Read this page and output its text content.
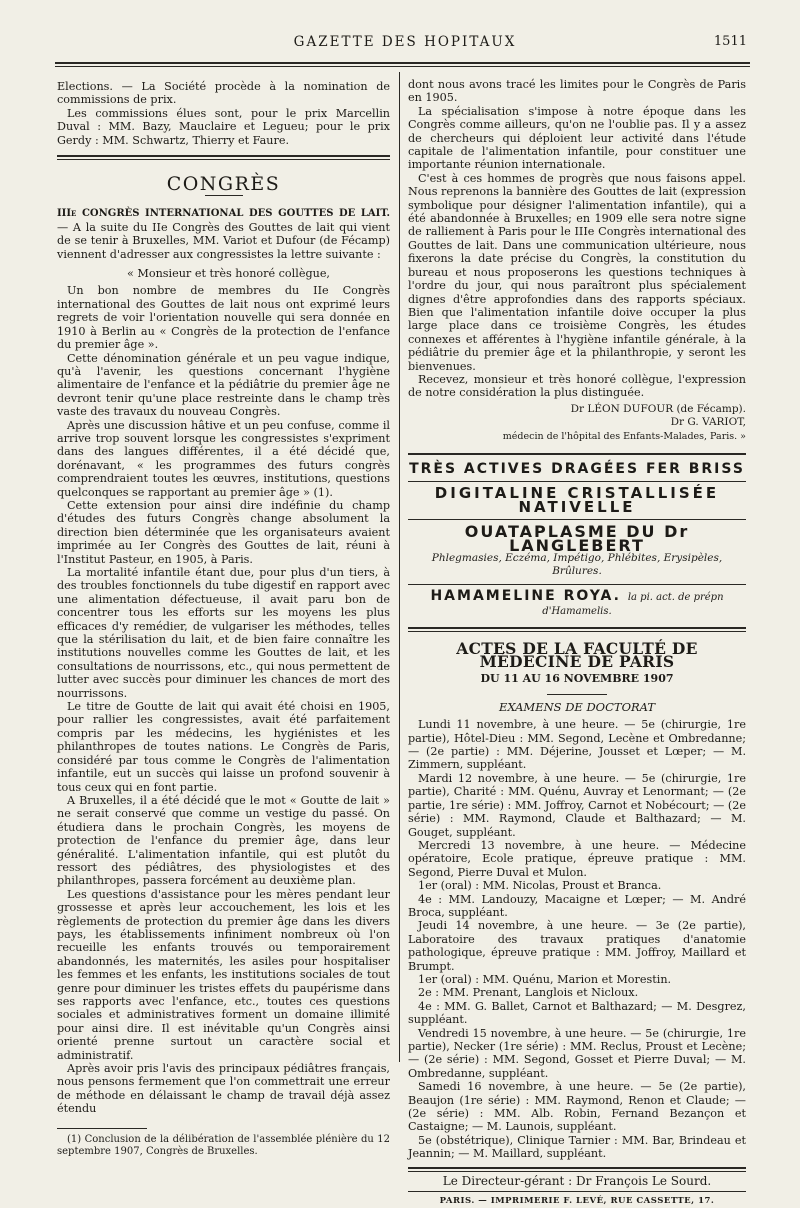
GAZETTE DES HOPITAUX	1511

Elections. — La Société procède à la nomination de commissions de prix.

Les commissions élues sont, pour le prix Marcellin Duval : MM. Bazy, Mauclaire et Legueu; pour le prix Gerdy : MM. Schwartz, Thierry et Faure.

CONGRÈS

IIIe CONGRÈS INTERNATIONAL DES GOUTTES DE LAIT. — A la suite du IIe Congrès des Gouttes de lait qui vient de se tenir à Bruxelles, MM. Variot et Dufour (de Fécamp) viennent d'adresser aux congressistes la lettre suivante :

« Monsieur et très honoré collègue,

Un bon nombre de membres du IIe Congrès international des Gouttes de lait nous ont exprimé leurs regrets de voir l'orientation nouvelle qui sera donnée en 1910 à Berlin au « Congrès de la protection de l'enfance du premier âge ».

Cette dénomination générale et un peu vague indique, qu'à l'avenir, les questions concernant l'hygiène alimentaire de l'enfance et la pédiâtrie du premier âge ne devront tenir qu'une place restreinte dans le champ très vaste des travaux du nouveau Congrès.

Après une discussion hâtive et un peu confuse, comme il arrive trop souvent lorsque les congressistes s'expriment dans des langues différentes, il a été décidé que, dorénavant, « les programmes des futurs congrès comprendraient toutes les œuvres, institutions, questions quelconques se rapportant au premier âge » (1).

Cette extension pour ainsi dire indéfinie du champ d'études des futurs Congrès change absolument la direction bien déterminée que les organisateurs avaient imprimée au Ier Congrès des Gouttes de lait, réuni à l'Institut Pasteur, en 1905, à Paris.

La mortalité infantile étant due, pour plus d'un tiers, à des troubles fonctionnels du tube digestif en rapport avec une alimentation défectueuse, il avait paru bon de concentrer tous les efforts sur les moyens les plus efficaces d'y remédier, de vulgariser les méthodes, telles que la stérilisation du lait, et de bien faire connaître les institutions nouvelles comme les Gouttes de lait, et les consultations de nourrissons, etc., qui nous permettent de lutter avec succès pour diminuer les chances de mort des nourrissons.

Le titre de Goutte de lait qui avait été choisi en 1905, pour rallier les congressistes, avait été parfaitement compris par les médecins, les hygiénistes et les philanthropes de toutes nations. Le Congrès de Paris, considéré par tous comme le Congrès de l'alimentation infantile, eut un succès qui laisse un profond souvenir à tous ceux qui en font partie.

A Bruxelles, il a été décidé que le mot « Goutte de lait » ne serait conservé que comme un vestige du passé. On étudiera dans le prochain Congrès, les moyens de protection de l'enfance du premier âge, dans leur généralité. L'alimentation infantile, qui est plutôt du ressort des pédiâtres, des physiologistes et des philanthropes, passera forcément au deuxième plan.

Les questions d'assistance pour les mères pendant leur grossesse et après leur accouchement, les lois et les règlements de protection du premier âge dans les divers pays, les établissements infiniment nombreux où l'on recueille les enfants trouvés ou temporairement abandonnés, les maternités, les asiles pour hospitaliser les femmes et les enfants, les institutions sociales de tout genre pour diminuer les tristes effets du paupérisme dans ses rapports avec l'enfance, etc., toutes ces questions sociales et administratives forment un domaine illimité pour ainsi dire. Il est inévitable qu'un Congrès ainsi orienté prenne surtout un caractère social et administratif.

Après avoir pris l'avis des principaux pédiâtres français, nous pensons fermement que l'on commettrait une erreur de méthode en délaissant le champ de travail déjà assez étendu

(1) Conclusion de la délibération de l'assemblée plénière du 12 septembre 1907, Congrès de Bruxelles.

dont nous avons tracé les limites pour le Congrès de Paris en 1905.

La spécialisation s'impose à notre époque dans les Congrès comme ailleurs, qu'on ne l'oublie pas. Il y a assez de chercheurs qui déploient leur activité dans l'étude capitale de l'alimentation infantile, pour constituer une importante réunion internationale.

C'est à ces hommes de progrès que nous faisons appel. Nous reprenons la bannière des Gouttes de lait (expression symbolique pour désigner l'alimentation infantile), qui a été abandonnée à Bruxelles; en 1909 elle sera notre signe de ralliement à Paris pour le IIIe Congrès international des Gouttes de lait. Dans une communication ultérieure, nous fixerons la date précise du Congrès, la constitution du bureau et nous proposerons les questions techniques à l'ordre du jour, qui nous paraîtront plus spécialement dignes d'être approfondies dans des rapports spéciaux. Bien que l'alimentation infantile doive occuper la plus large place dans ce troisième Congrès, les études connexes et afférentes à l'hygiène infantile générale, à la pédiâtrie du premier âge et la philanthropie, y seront les bienvenues.

Recevez, monsieur et très honoré collègue, l'expression de notre considération la plus distinguée.

Dr LÉON DUFOUR (de Fécamp).
Dr G. VARIOT,
médecin de l'hôpital des Enfants-Malades, Paris. »
TRÈS ACTIVES DRAGÉES FER BRISS
DIGITALINE CRISTALLISÉE NATIVELLE
OUATAPLASME DU Dr LANGLEBERT
Phlegmasies, Eczéma, Impétigo, Phlébites, Erysipèles, Brûlures.
HAMAMELINE ROYA. la pi. act. de prépn d'Hamamelis.
ACTES DE LA FACULTÉ DE MÉDECINE DE PARIS
DU 11 AU 16 NOVEMBRE 1907
EXAMENS DE DOCTORAT

Lundi 11 novembre, à une heure. — 5e (chirurgie, 1re partie), Hôtel-Dieu : MM. Segond, Lecène et Ombredanne; — (2e partie) : MM. Déjerine, Jousset et Lœper; — M. Zimmern, suppléant.

Mardi 12 novembre, à une heure. — 5e (chirurgie, 1re partie), Charité : MM. Quénu, Auvray et Lenormant; — (2e partie, 1re série) : MM. Joffroy, Carnot et Nobécourt; — (2e série) : MM. Raymond, Claude et Balthazard; — M. Gouget, suppléant.

Mercredi 13 novembre, à une heure. — Médecine opératoire, Ecole pratique, épreuve pratique : MM. Segond, Pierre Duval et Mulon.

1er (oral) : MM. Nicolas, Proust et Branca.

4e : MM. Landouzy, Macaigne et Lœper; — M. André Broca, suppléant.

Jeudi 14 novembre, à une heure. — 3e (2e partie), Laboratoire des travaux pratiques d'anatomie pathologique, épreuve pratique : MM. Joffroy, Maillard et Brumpt.

1er (oral) : MM. Quénu, Marion et Morestin.

2e : MM. Prenant, Langlois et Nicloux.

4e : MM. G. Ballet, Carnot et Balthazard; — M. Desgrez, suppléant.

Vendredi 15 novembre, à une heure. — 5e (chirurgie, 1re partie), Necker (1re série) : MM. Reclus, Proust et Lecène; — (2e série) : MM. Segond, Gosset et Pierre Duval; — M. Ombredanne, suppléant.

Samedi 16 novembre, à une heure. — 5e (2e partie), Beaujon (1re série) : MM. Raymond, Renon et Claude; — (2e série) : MM. Alb. Robin, Fernand Bezançon et Castaigne; — M. Launois, suppléant.

5e (obstétrique), Clinique Tarnier : MM. Bar, Brindeau et Jeannin; — M. Maillard, suppléant.

Le Directeur-gérant : Dr François Le Sourd.
PARIS. — IMPRIMERIE F. LEVÉ, RUE CASSETTE, 17.
